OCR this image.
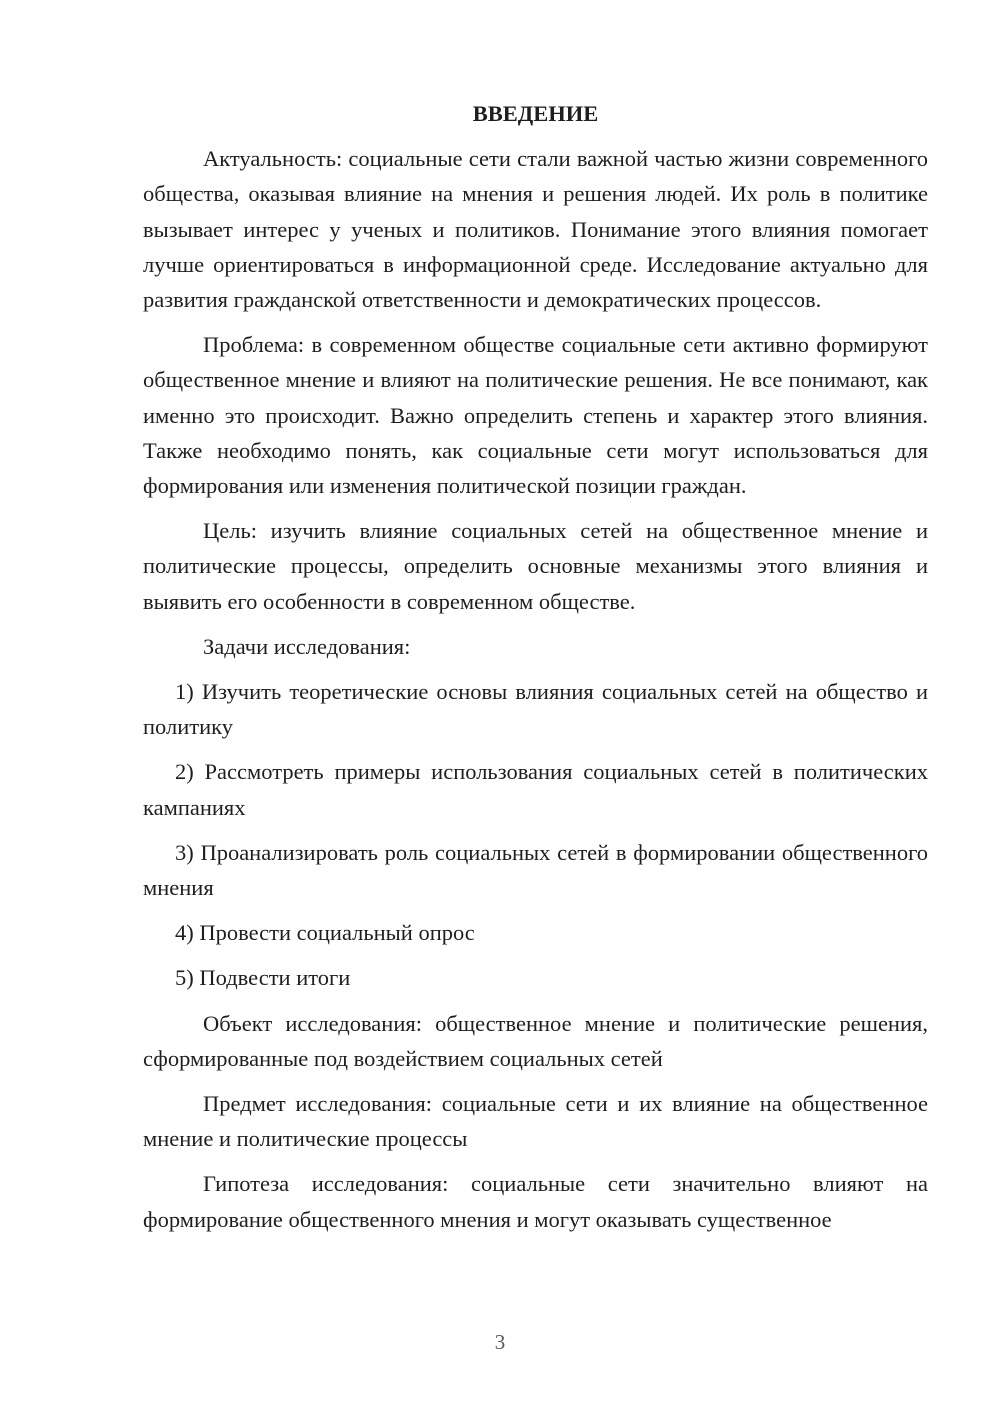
ВВЕДЕНИЕ
Актуальность: социальные сети стали важной частью жизни современного общества, оказывая влияние на мнения и решения людей. Их роль в политике вызывает интерес у ученых и политиков. Понимание этого влияния помогает лучше ориентироваться в информационной среде. Исследование актуально для развития гражданской ответственности и демократических процессов.
Проблема: в современном обществе социальные сети активно формируют общественное мнение и влияют на политические решения. Не все понимают, как именно это происходит. Важно определить степень и характер этого влияния. Также необходимо понять, как социальные сети могут использоваться для формирования или изменения политической позиции граждан.
Цель: изучить влияние социальных сетей на общественное мнение и политические процессы, определить основные механизмы этого влияния и выявить его особенности в современном обществе.
Задачи исследования:
1) Изучить теоретические основы влияния социальных сетей на общество и политику
2) Рассмотреть примеры использования социальных сетей в политических кампаниях
3) Проанализировать роль социальных сетей в формировании общественного мнения
4) Провести социальный опрос
5) Подвести итоги
Объект исследования: общественное мнение и политические решения, сформированные под воздействием социальных сетей
Предмет исследования: социальные сети и их влияние на общественное мнение и политические процессы
Гипотеза исследования: социальные сети значительно влияют на формирование общественного мнения и могут оказывать существенное
3
